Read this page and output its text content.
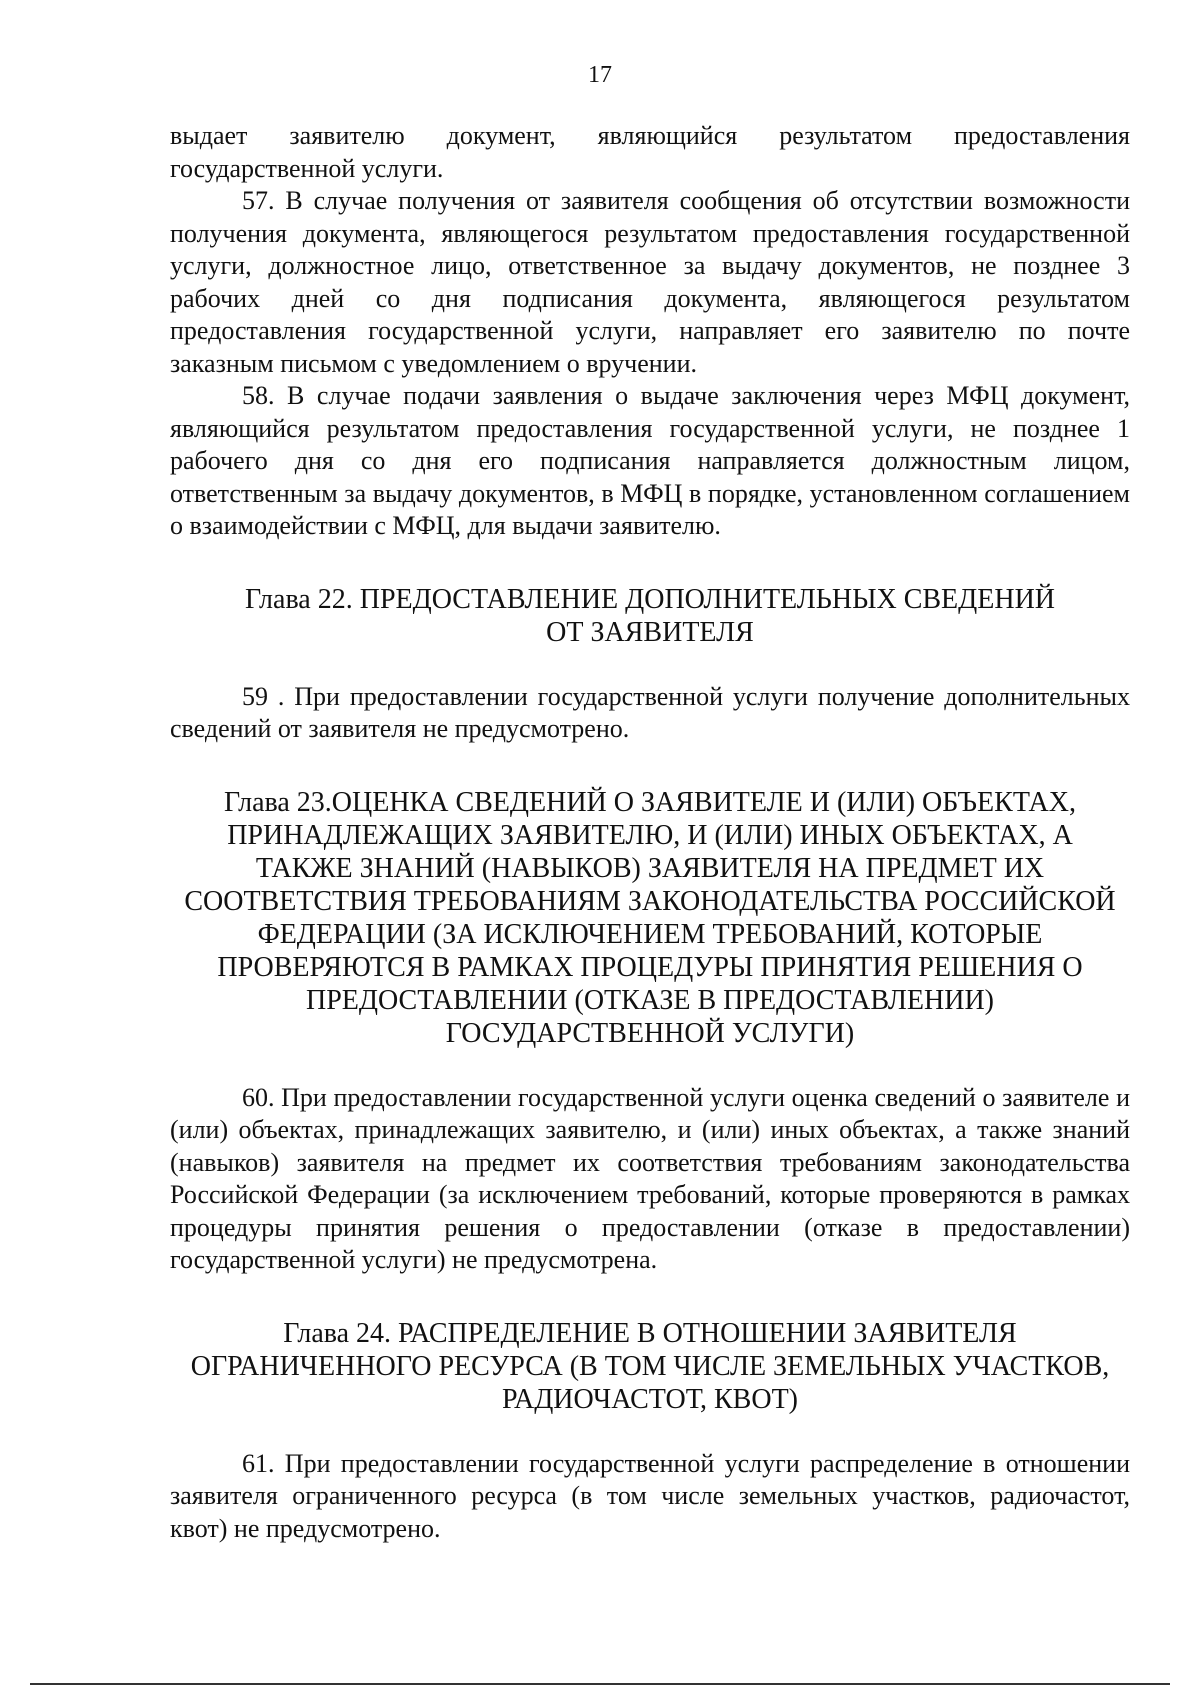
17

выдает заявителю документ, являющийся результатом предоставления государственной услуги.

57. В случае получения от заявителя сообщения об отсутствии возможности получения документа, являющегося результатом предоставления государственной услуги, должностное лицо, ответственное за выдачу документов, не позднее 3 рабочих дней со дня подписания документа, являющегося результатом предоставления государственной услуги, направляет его заявителю по почте заказным письмом с уведомлением о вручении.

58. В случае подачи заявления о выдаче заключения через МФЦ документ, являющийся результатом предоставления государственной услуги, не позднее 1 рабочего дня со дня его подписания направляется должностным лицом, ответственным за выдачу документов, в МФЦ в порядке, установленном соглашением о взаимодействии с МФЦ, для выдачи заявителю.

Глава 22. ПРЕДОСТАВЛЕНИЕ ДОПОЛНИТЕЛЬНЫХ СВЕДЕНИЙ
ОТ ЗАЯВИТЕЛЯ

59 . При предоставлении государственной услуги получение дополнительных сведений от заявителя не предусмотрено.

Глава 23.ОЦЕНКА СВЕДЕНИЙ О ЗАЯВИТЕЛЕ И (ИЛИ) ОБЪЕКТАХ,
ПРИНАДЛЕЖАЩИХ ЗАЯВИТЕЛЮ, И (ИЛИ) ИНЫХ ОБЪЕКТАХ, А
ТАКЖЕ ЗНАНИЙ (НАВЫКОВ) ЗАЯВИТЕЛЯ НА ПРЕДМЕТ ИХ
СООТВЕТСТВИЯ ТРЕБОВАНИЯМ ЗАКОНОДАТЕЛЬСТВА РОССИЙСКОЙ
ФЕДЕРАЦИИ (ЗА ИСКЛЮЧЕНИЕМ ТРЕБОВАНИЙ, КОТОРЫЕ
ПРОВЕРЯЮТСЯ В РАМКАХ ПРОЦЕДУРЫ ПРИНЯТИЯ РЕШЕНИЯ О
ПРЕДОСТАВЛЕНИИ (ОТКАЗЕ В ПРЕДОСТАВЛЕНИИ)
ГОСУДАРСТВЕННОЙ УСЛУГИ)

60. При предоставлении государственной услуги оценка сведений о заявителе и (или) объектах, принадлежащих заявителю, и (или) иных объектах, а также знаний (навыков) заявителя на предмет их соответствия требованиям законодательства Российской Федерации (за исключением требований, которые проверяются в рамках процедуры принятия решения о предоставлении (отказе в предоставлении) государственной услуги) не предусмотрена.

Глава 24. РАСПРЕДЕЛЕНИЕ В ОТНОШЕНИИ ЗАЯВИТЕЛЯ
ОГРАНИЧЕННОГО РЕСУРСА (В ТОМ ЧИСЛЕ ЗЕМЕЛЬНЫХ УЧАСТКОВ,
РАДИОЧАСТОТ, КВОТ)

61. При предоставлении государственной услуги распределение в отношении заявителя ограниченного ресурса (в том числе земельных участков, радиочастот, квот) не предусмотрено.
